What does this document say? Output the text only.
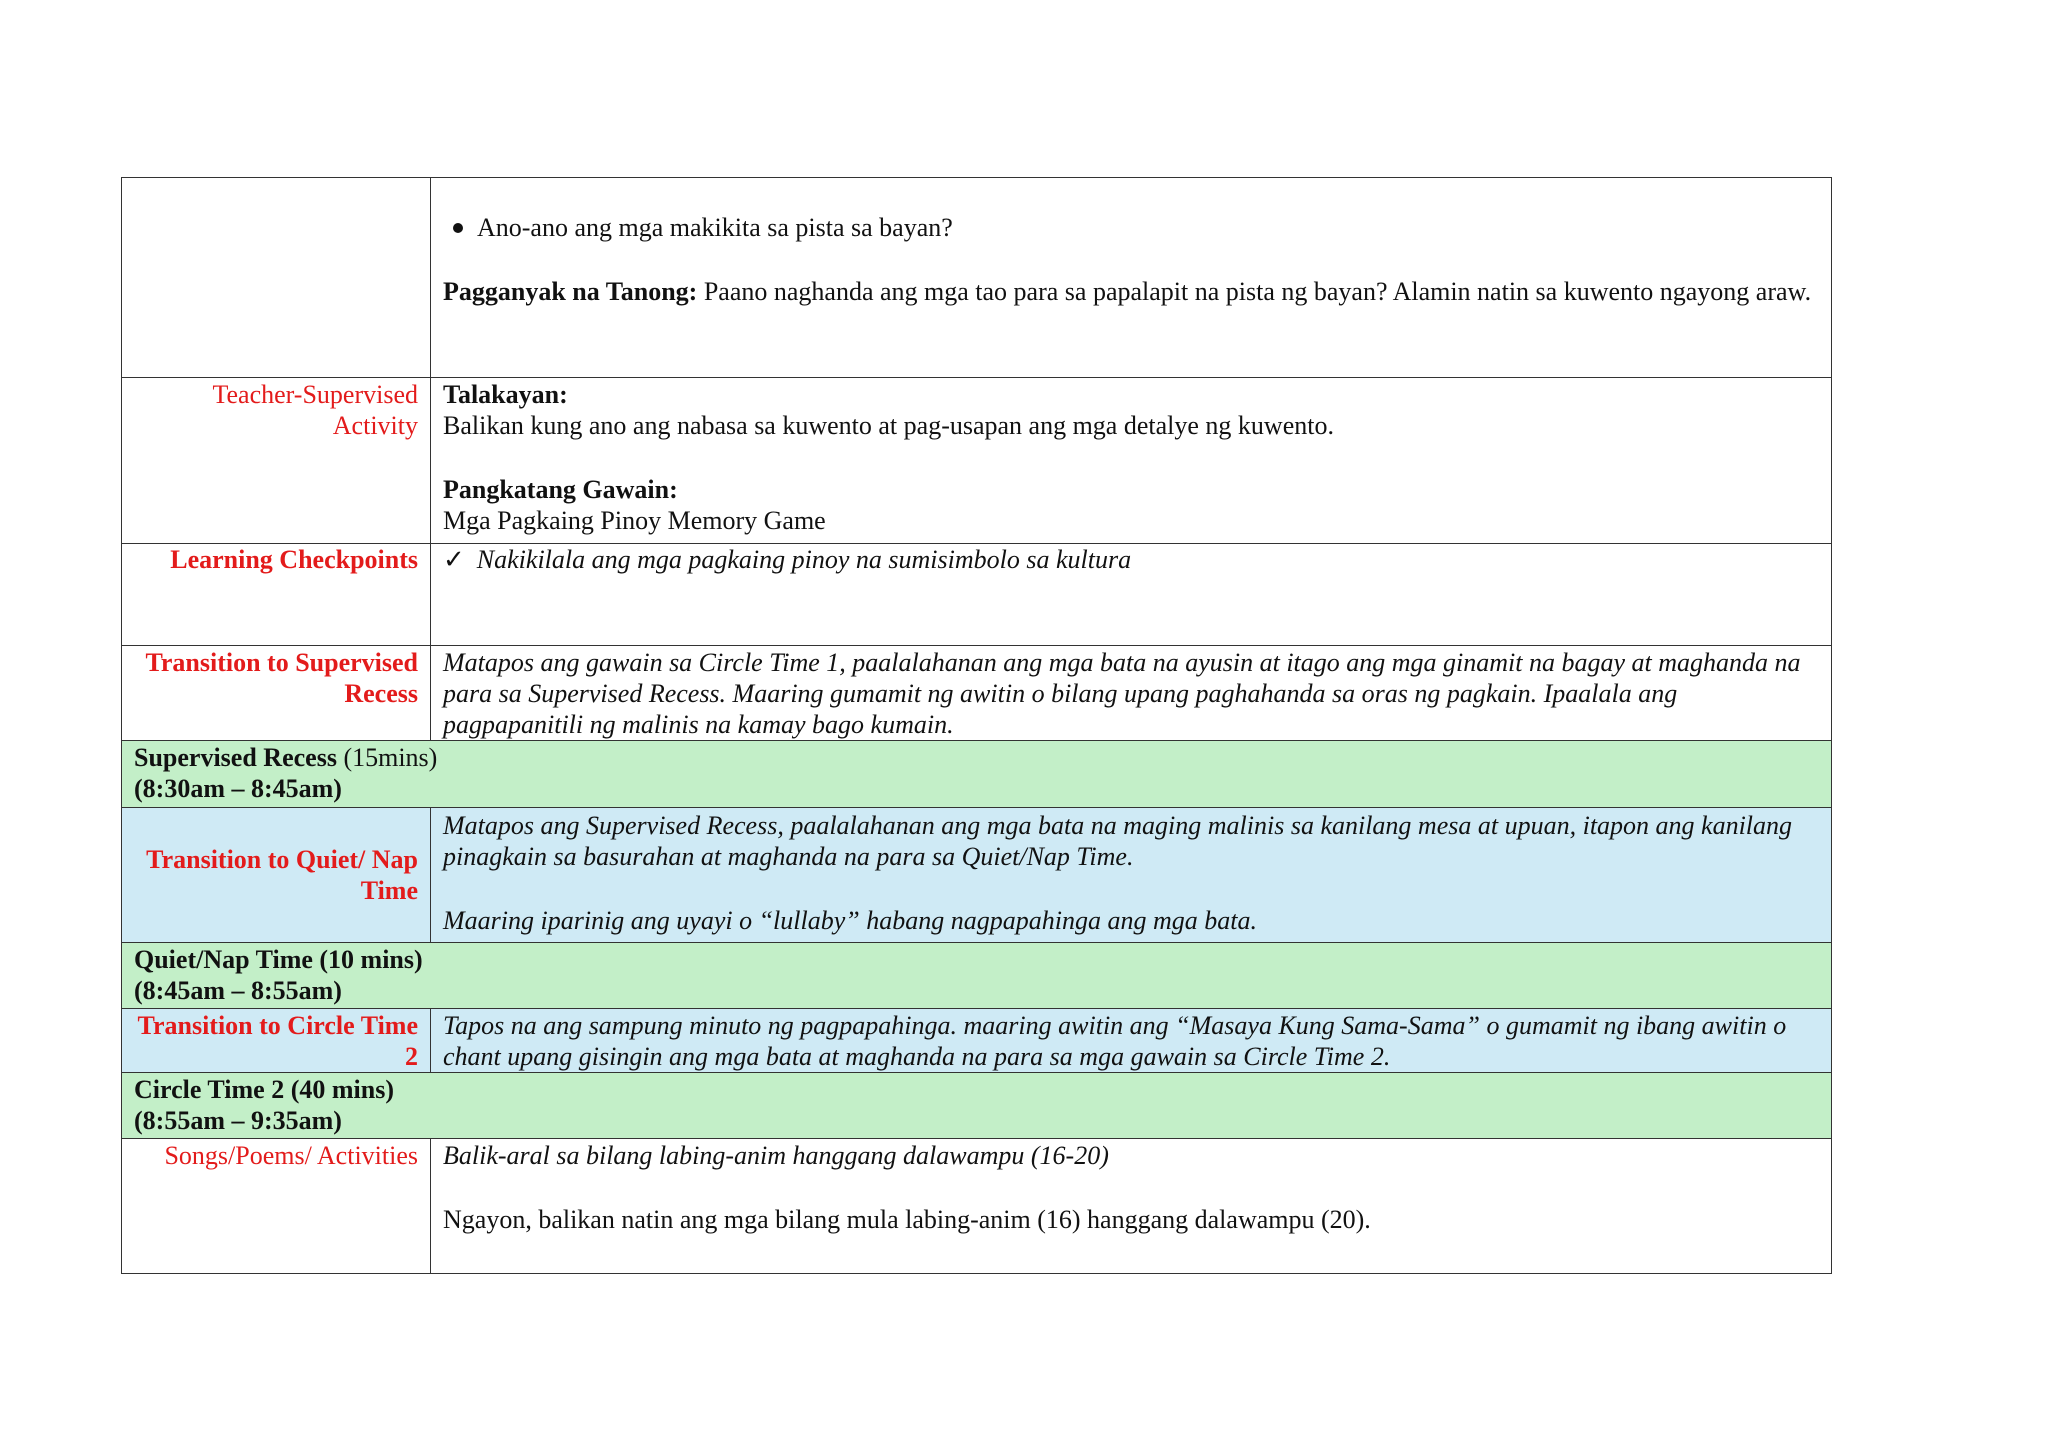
	Ano-ano ang mga makikita sa pista sa bayan?
Pagganyak na Tanong: Paano naghanda ang mga tao para sa papalapit na pista ng bayan? Alamin natin sa kuwento ngayong araw.

Teacher-Supervised Activity	Talakayan:
Balikan kung ano ang nabasa sa kuwento at pag-usapan ang mga detalye ng kuwento.
Pangkatang Gawain:
Mga Pagkaing Pinoy Memory Game

Learning Checkpoints	✓ Nakikilala ang mga pagkaing pinoy na sumisimbolo sa kultura
Transition to Supervised Recess	Matapos ang gawain sa Circle Time 1, paalalahanan ang mga bata na ayusin at itago ang mga ginamit na bagay at maghanda na para sa Supervised Recess. Maaring gumamit ng awitin o bilang upang paghahanda sa oras ng pagkain. Ipaalala ang pagpapanitili ng malinis na kamay bago kumain.

Supervised Recess (15mins)
(8:30am – 8:45am)	

Transition to Quiet/ Nap Time	Matapos ang Supervised Recess, paalalahanan ang mga bata na maging malinis sa kanilang mesa at upuan, itapon ang kanilang pinagkain sa basurahan at maghanda na para sa Quiet/Nap Time.
Maaring iparinig ang uyayi o “lullaby” habang nagpapahinga ang mga bata.

Quiet/Nap Time (10 mins)
(8:45am – 8:55am)	

Transition to Circle Time 2	Tapos na ang sampung minuto ng pagpapahinga. maaring awitin ang “Masaya Kung Sama-Sama” o gumamit ng ibang awitin o chant upang gisingin ang mga bata at maghanda na para sa mga gawain sa Circle Time 2.

Circle Time 2 (40 mins)
(8:55am – 9:35am)	

Songs/Poems/ Activities	Balik-aral sa bilang labing-anim hanggang dalawampu (16-20)
Ngayon, balikan natin ang mga bilang mula labing-anim (16) hanggang dalawampu (20).
